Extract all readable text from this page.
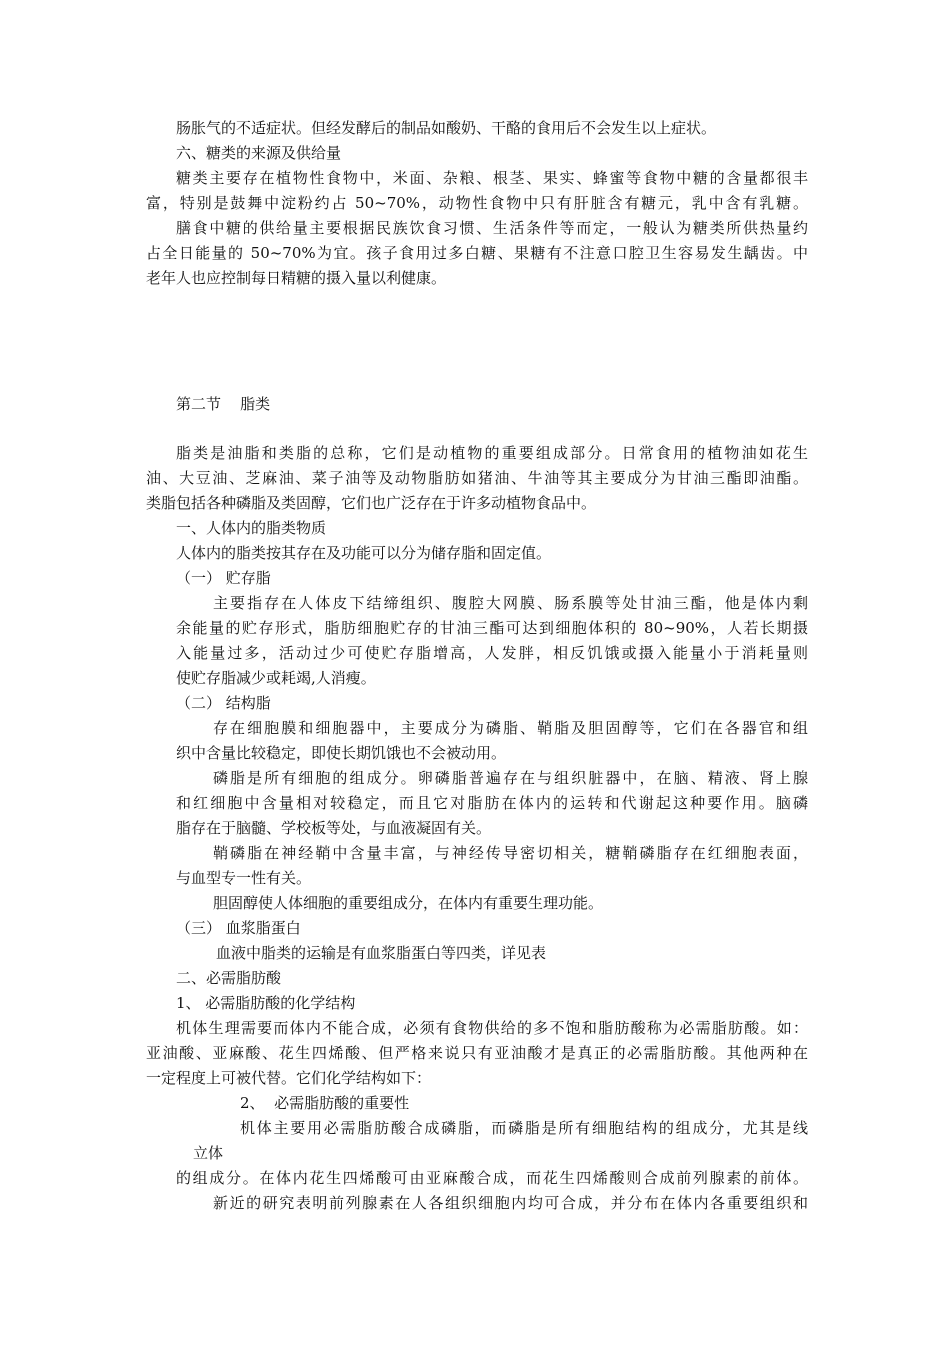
肠胀气的不适症状。但经发酵后的制品如酸奶、干酪的食用后不会发生以上症状。
六、糖类的来源及供给量
糖类主要存在植物性食物中，米面、杂粮、根茎、果实、蜂蜜等食物中糖的含量都很丰
富，特别是鼓舞中淀粉约占 50~70%，动物性食物中只有肝脏含有糖元，乳中含有乳糖。
膳食中糖的供给量主要根据民族饮食习惯、生活条件等而定，一般认为糖类所供热量约
占全日能量的 50~70%为宜。孩子食用过多白糖、果糖有不注意口腔卫生容易发生龋齿。中
老年人也应控制每日精糖的摄入量以利健康。
第二节    脂类
脂类是油脂和类脂的总称，它们是动植物的重要组成部分。日常食用的植物油如花生
油、大豆油、芝麻油、菜子油等及动物脂肪如猪油、牛油等其主要成分为甘油三酯即油酯。
类脂包括各种磷脂及类固醇，它们也广泛存在于许多动植物食品中。
一、人体内的脂类物质
人体内的脂类按其存在及功能可以分为储存脂和固定值。
（一） 贮存脂
主要指存在人体皮下结缔组织、腹腔大网膜、肠系膜等处甘油三酯，他是体内剩
余能量的贮存形式，脂肪细胞贮存的甘油三酯可达到细胞体积的 80~90%，人若长期摄
入能量过多，活动过少可使贮存脂增高，人发胖，相反饥饿或摄入能量小于消耗量则
使贮存脂减少或耗竭,人消瘦。
（二） 结构脂
存在细胞膜和细胞器中，主要成分为磷脂、鞘脂及胆固醇等，它们在各器官和组
织中含量比较稳定，即使长期饥饿也不会被动用。
磷脂是所有细胞的组成分。卵磷脂普遍存在与组织脏器中，在脑、精液、肾上腺
和红细胞中含量相对较稳定，而且它对脂肪在体内的运转和代谢起这种要作用。脑磷
脂存在于脑髓、学校板等处，与血液凝固有关。
鞘磷脂在神经鞘中含量丰富，与神经传导密切相关，糖鞘磷脂存在红细胞表面，
与血型专一性有关。
胆固醇使人体细胞的重要组成分，在体内有重要生理功能。
（三） 血浆脂蛋白
血液中脂类的运输是有血浆脂蛋白等四类，详见表
二、必需脂肪酸
1、 必需脂肪酸的化学结构
机体生理需要而体内不能合成，必须有食物供给的多不饱和脂肪酸称为必需脂肪酸。如：
亚油酸、亚麻酸、花生四烯酸、但严格来说只有亚油酸才是真正的必需脂肪酸。其他两种在
一定程度上可被代替。它们化学结构如下：
2、  必需脂肪酸的重要性
机体主要用必需脂肪酸合成磷脂，而磷脂是所有细胞结构的组成分，尤其是线
立体
的组成分。在体内花生四烯酸可由亚麻酸合成，而花生四烯酸则合成前列腺素的前体。
新近的研究表明前列腺素在人各组织细胞内均可合成，并分布在体内各重要组织和
